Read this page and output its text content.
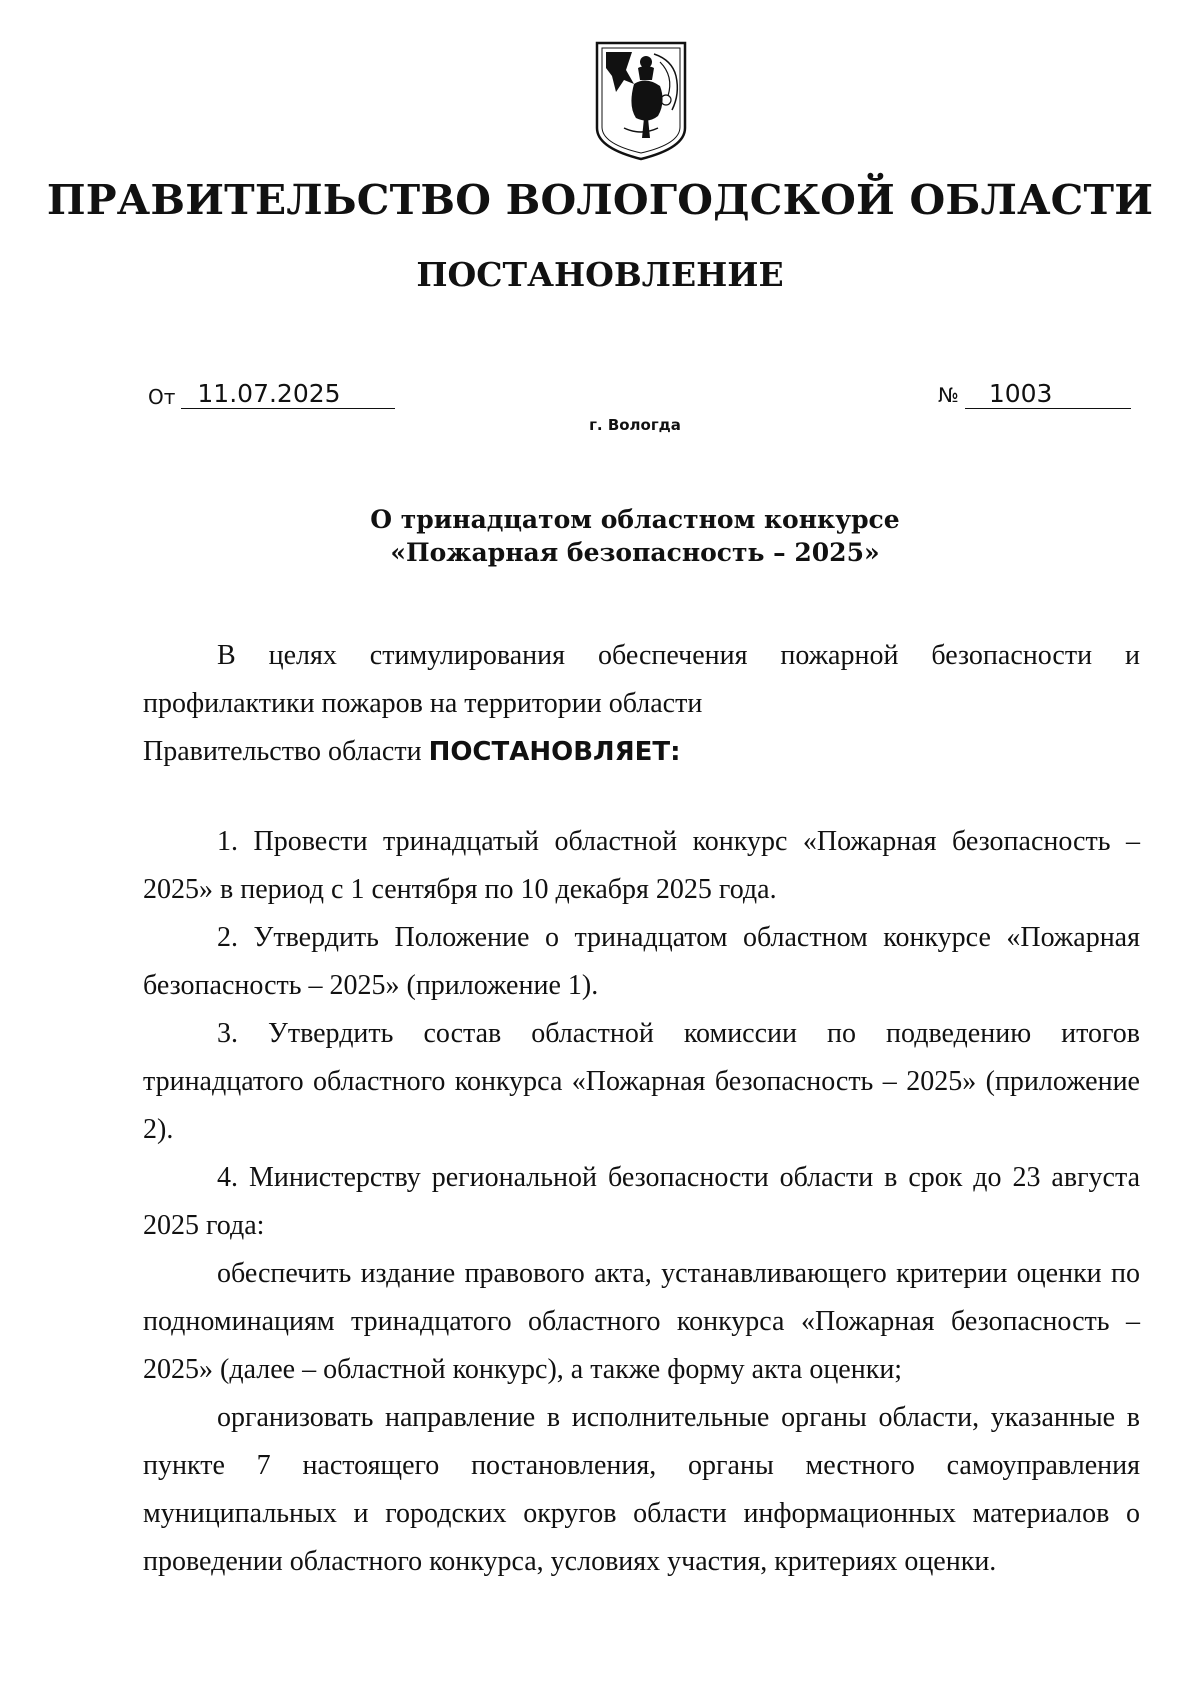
ПРАВИТЕЛЬСТВО ВОЛОГОДСКОЙ ОБЛАСТИ
ПОСТАНОВЛЕНИЕ
От 11.07.2025	№ 1003
г. Вологда
О тринадцатом областном конкурсе
«Пожарная безопасность – 2025»

В целях стимулирования обеспечения пожарной безопасности и профилактики пожаров на территории области

Правительство области ПОСТАНОВЛЯЕТ:

1. Провести тринадцатый областной конкурс «Пожарная безопасность – 2025» в период с 1 сентября по 10 декабря 2025 года.

2. Утвердить Положение о тринадцатом областном конкурсе «Пожарная безопасность – 2025» (приложение 1).

3. Утвердить состав областной комиссии по подведению итогов тринадцатого областного конкурса «Пожарная безопасность – 2025» (приложение 2).

4. Министерству региональной безопасности области в срок до 23 августа 2025 года:

обеспечить издание правового акта, устанавливающего критерии оценки по подноминациям тринадцатого областного конкурса «Пожарная безопасность – 2025» (далее – областной конкурс), а также форму акта оценки;

организовать направление в исполнительные органы области, указанные в пункте 7 настоящего постановления, органы местного самоуправления муниципальных и городских округов области информационных материалов о проведении областного конкурса, условиях участия, критериях оценки.
